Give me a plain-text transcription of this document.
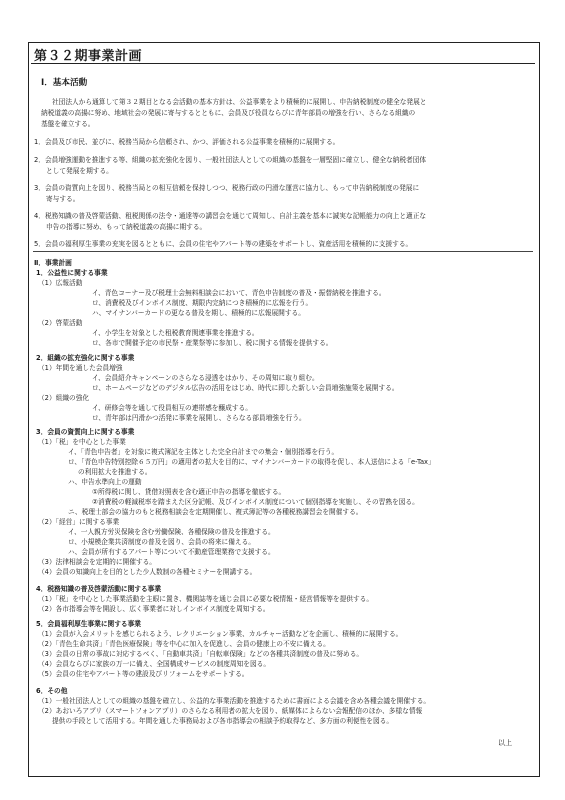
第３２期事業計画
Ⅰ．基本活動
社団法人から通算して第３２期目となる会活動の基本方針は、公益事業をより積極的に展開し、申告納税制度の健全な発展と
納税道義の高揚に努め、地域社会の発展に寄与するとともに、会員及び役員ならびに青年部員の増強を行い、さらなる組織の
基盤を確立する。
1．会員及び市民、並びに、税務当局から信頼され、かつ、評価される公益事業を積極的に展開する。
2．会員増強運動を推進する等、組織の拡充強化を図り、一般社団法人としての組織の基盤を一層堅固に確立し、健全な納税者団体
として発展を期する。
3．会員の資質向上を図り、税務当局との相互信頼を保持しつつ、税務行政の円滑な運営に協力し、もって申告納税制度の発展に
寄与する。
4．税務知識の普及啓蒙活動、租税関係の法令・通達等の講習会を通じて周知し、自計主義を基本に誠実な記帳能力の向上と適正な
申告の指導に努め、もって納税道義の高揚に期する。
5．会員の福利厚生事業の充実を図るとともに、会員の住宅やアパート等の建築をサポートし、資産活用を積極的に支援する。
Ⅱ．事業計画
1．公益性に関する事業
（1）広報活動
イ、青色コーナー及び税理士会無料相談会において、青色申告制度の普及・振替納税を推進する。
ロ、消費税及びインボイス制度、期限内完納につき積極的に広報を行う。
ハ、マイナンバーカードの更なる普及を期し、積極的に広報展開する。
（2）啓蒙活動
イ、小学生を対象とした租税教育関連事業を推進する。
ロ、各市で開催予定の市民祭・産業祭等に参加し、税に関する情報を提供する。
2．組織の拡充強化に関する事業
（1）年間を通した会員増強
イ、会員紹介キャンペーンのさらなる浸透をはかり、その周知に取り組む。
ロ、ホームページなどのデジタル広告の活用をはじめ、時代に即した新しい会員増強施策を展開する。
（2）組織の強化
イ、研修会等を通して役員相互の連帯感を醸成する。
ロ、青年部は円滑かつ活発に事業を展開し、さらなる部員増強を行う。
3．会員の資質向上に関する事業
（1）「税」を中心とした事業
イ、「青色申告者」を対象に複式簿記を主体とした完全自計までの集会・個別指導を行う。
ロ、「青色申告特別控除６５万円」の適用者の拡大を目的に、マイナンバーカードの取得を促し、本人送信による「e-Tax」
の利用拡大を推進する。
ハ、申告水準向上の運動
①所得税に関し、貸借対照表を含む適正申告の指導を徹底する。
②消費税の軽減税率を踏まえた区分記帳、及びインボイス制度について個別指導を実施し、その習熟を図る。
ニ、税理士部会の協力のもと税務相談会を定期開催し、複式簿記等の各種税務講習会を開催する。
（2）「経営」に関する事業
イ、一人親方労災保険を含む労働保険、各種保険の普及を推進する。
ロ、小規模企業共済制度の普及を図り、会員の将来に備える。
ハ、会員が所有するアパート等について不動産管理業務で支援する。
（3）法律相談会を定期的に開催する。
（4）会員の知識向上を目的とした少人数制の各種セミナーを開講する。
4．税務知識の普及啓蒙活動に関する事業
（1）「税」を中心とした事業活動を主眼に置き、機関誌等を通じ会員に必要な税情報・経営情報等を提供する。
（2）各市指導会等を開設し、広く事業者に対しインボイス制度を周知する。
5．会員福利厚生事業に関する事業
（1）会員が入会メリットを感じられるよう、レクリエーション事業、カルチャー活動などを企画し、積極的に展開する。
（2）「青色生命共済」「青色医療保険」等を中心に加入を促進し、会員の健康上の不安に備える。
（3）会員の日常の事故に対応するべく、「自動車共済」「自転車保険」などの各種共済制度の普及に努める。
（4）会員ならびに家族の万一に備え、全国構成サービスの制度周知を図る。
（5）会員の住宅やアパート等の建設及びリフォームをサポートする。
6．その他
（1）一般社団法人としての組織の基盤を確立し、公益的な事業活動を推進するために書面による会議を含め各種会議を開催する。
（2）あおいろアプリ（スマートフォンアプリ）のさらなる利用者の拡大を図り、紙媒体によらない会報配信のほか、多様な情報
提供の手段として活用する。年間を通した事務局および各市指導会の相談予約取得など、多方面の利便性を図る。
以上
